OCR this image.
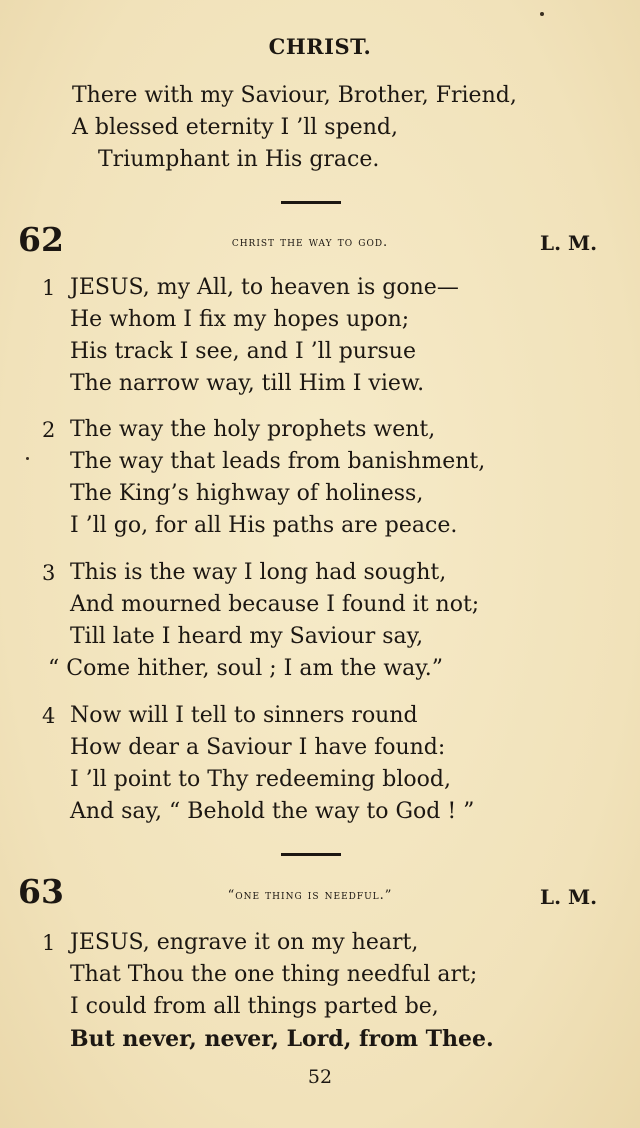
CHRIST.
There with my Saviour, Brother, Friend,
A blessed eternity I ’ll spend,
Triumphant in His grace.
62	christ the way to god.	L. M.
1 JESUS, my All, to heaven is gone—
He whom I fix my hopes upon;
His track I see, and I ’ll pursue
The narrow way, till Him I view.
2 The way the holy prophets went,
The way that leads from banishment,
The King’s highway of holiness,
I ’ll go, for all His paths are peace.
3 This is the way I long had sought,
And mourned because I found it not;
Till late I heard my Saviour say,
“ Come hither, soul ; I am the way.”
4 Now will I tell to sinners round
How dear a Saviour I have found:
I ’ll point to Thy redeeming blood,
And say, “ Behold the way to God ! ”
63	“one thing is needful.”	L. M.
1 JESUS, engrave it on my heart,
That Thou the one thing needful art;
I could from all things parted be,
But never, never, Lord, from Thee.
52
